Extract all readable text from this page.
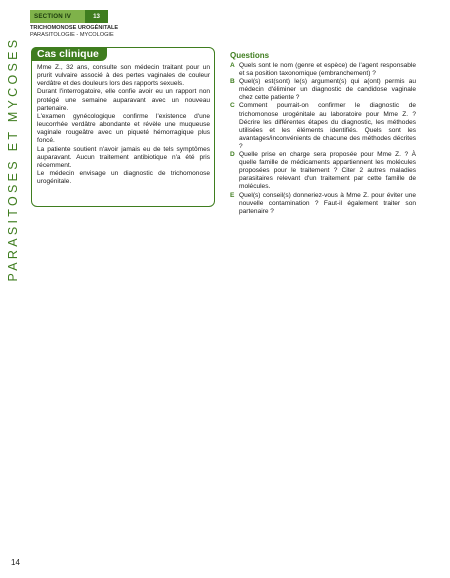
SECTION IV	13
TRICHOMONOSE UROGÉNITALE
PARASITOLOGIE - MYCOLOGIE
PARASITOSES ET MYCOSES	Cas clinique

Mme Z., 32 ans, consulte son médecin traitant pour un prurit vulvaire associé à des pertes vaginales de couleur verdâtre et des douleurs lors des rapports sexuels.

Durant l'interrogatoire, elle confie avoir eu un rapport non protégé une semaine auparavant avec un nouveau partenaire.

L'examen gynécologique confirme l'existence d'une leucorrhée verdâtre abondante et révèle une muqueuse vaginale rougeâtre avec un piqueté hémorragique plus foncé.

La patiente soutient n'avoir jamais eu de tels symptômes auparavant. Aucun traitement antibiotique n'a été pris récemment.

Le médecin envisage un diagnostic de trichomonose urogénitale.

Questions
A Quels sont le nom (genre et espèce) de l'agent responsable et sa position taxonomique (embranchement) ?
B Quel(s) est(sont) le(s) argument(s) qui a(ont) permis au médecin d'éliminer un diagnostic de candidose vaginale chez cette patiente ?
C Comment pourrait-on confirmer le diagnostic de trichomonose urogénitale au laboratoire pour Mme Z. ? Décrire les différentes étapes du diagnostic, les méthodes utilisées et les éléments identifiés. Quels sont les avantages/inconvénients de chacune des méthodes décrites ?
D Quelle prise en charge sera proposée pour Mme Z. ? À quelle famille de médicaments appartiennent les molécules proposées pour le traitement ? Citer 2 autres maladies parasitaires relevant d'un traitement par cette famille de molécules.
E Quel(s) conseil(s) donneriez-vous à Mme Z. pour éviter une nouvelle contamination ? Faut-il également traiter son partenaire ?
14
